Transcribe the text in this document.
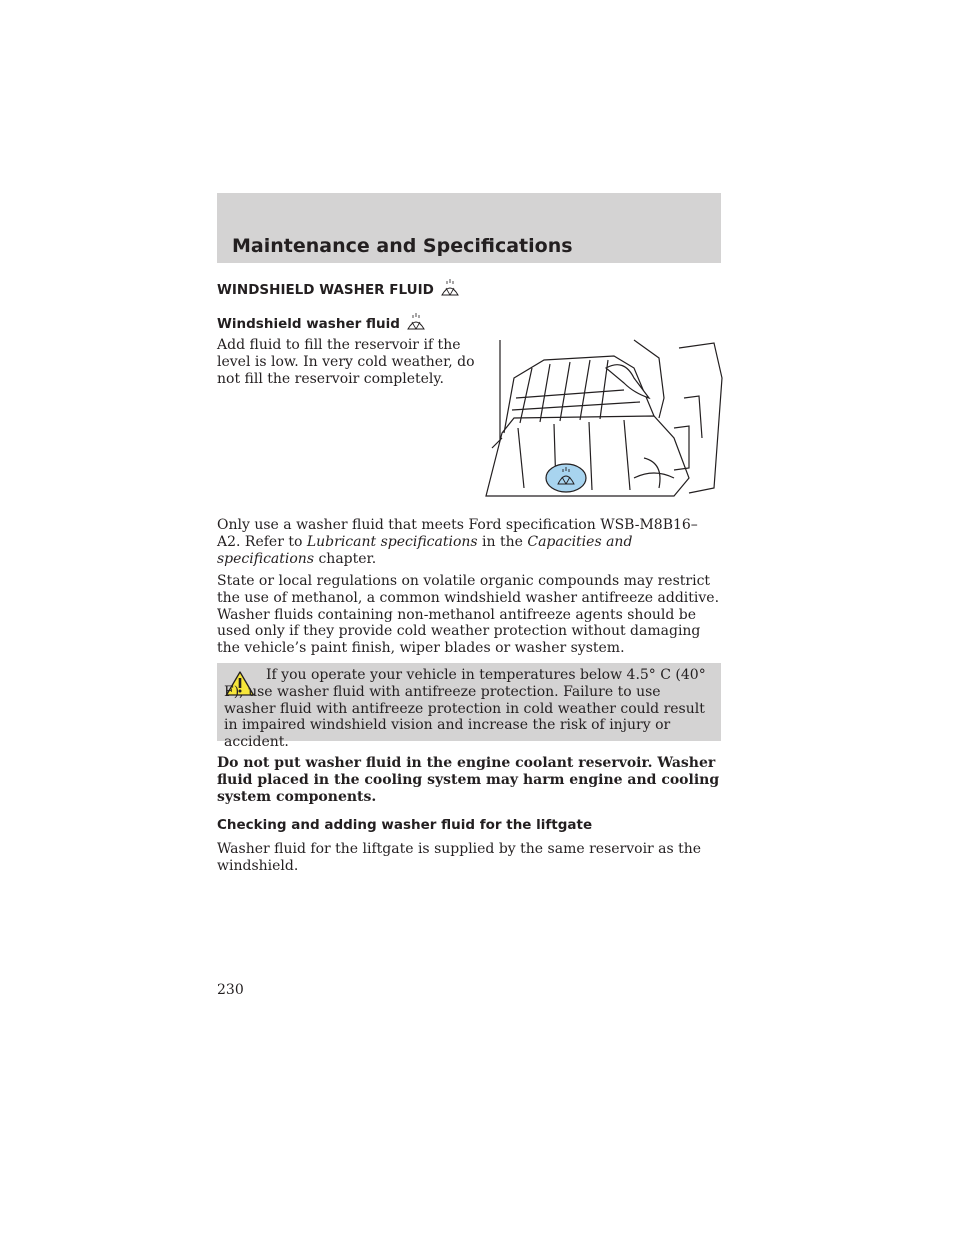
Maintenance and Specifications
WINDSHIELD WASHER FLUID
Windshield washer fluid
Add fluid to fill the reservoir if the level is low. In very cold weather, do not fill the reservoir completely.
Only use a washer fluid that meets Ford specification WSB-M8B16–A2. Refer to Lubricant specifications in the Capacities and specifications chapter.
State or local regulations on volatile organic compounds may restrict the use of methanol, a common windshield washer antifreeze additive. Washer fluids containing non-methanol antifreeze agents should be used only if they provide cold weather protection without damaging the vehicle’s paint finish, wiper blades or washer system.
If you operate your vehicle in temperatures below 4.5° C (40° F), use washer fluid with antifreeze protection. Failure to use washer fluid with antifreeze protection in cold weather could result in impaired windshield vision and increase the risk of injury or accident.
Do not put washer fluid in the engine coolant reservoir. Washer fluid placed in the cooling system may harm engine and cooling system components.
Checking and adding washer fluid for the liftgate
Washer fluid for the liftgate is supplied by the same reservoir as the windshield.
230
